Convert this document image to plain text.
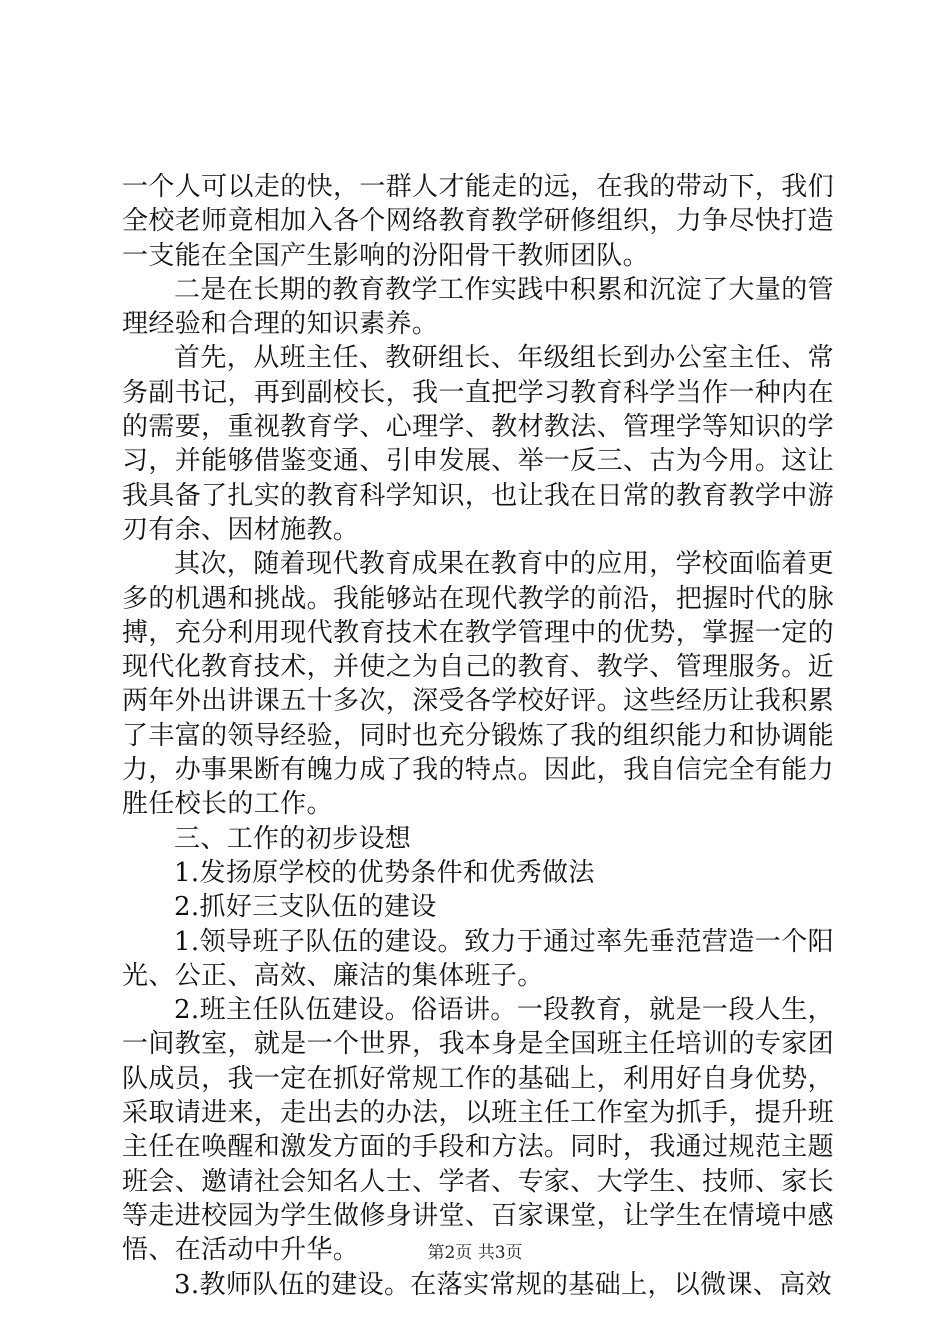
一个人可以走的快，一群人才能走的远，在我的带动下，我们全校老师竟相加入各个网络教育教学研修组织，力争尽快打造一支能在全国产生影响的汾阳骨干教师团队。

二是在长期的教育教学工作实践中积累和沉淀了大量的管理经验和合理的知识素养。

首先，从班主任、教研组长、年级组长到办公室主任、常务副书记，再到副校长，我一直把学习教育科学当作一种内在的需要，重视教育学、心理学、教材教法、管理学等知识的学习，并能够借鉴变通、引申发展、举一反三、古为今用。这让我具备了扎实的教育科学知识，也让我在日常的教育教学中游刃有余、因材施教。

其次，随着现代教育成果在教育中的应用，学校面临着更多的机遇和挑战。我能够站在现代教学的前沿，把握时代的脉搏，充分利用现代教育技术在教学管理中的优势，掌握一定的现代化教育技术，并使之为自己的教育、教学、管理服务。近两年外出讲课五十多次，深受各学校好评。这些经历让我积累了丰富的领导经验，同时也充分锻炼了我的组织能力和协调能力，办事果断有魄力成了我的特点。因此，我自信完全有能力胜任校长的工作。

三、工作的初步设想

1.发扬原学校的优势条件和优秀做法

2.抓好三支队伍的建设

1.领导班子队伍的建设。致力于通过率先垂范营造一个阳光、公正、高效、廉洁的集体班子。

2.班主任队伍建设。俗语讲。一段教育，就是一段人生，一间教室，就是一个世界，我本身是全国班主任培训的专家团队成员，我一定在抓好常规工作的基础上，利用好自身优势，采取请进来，走出去的办法，以班主任工作室为抓手，提升班主任在唤醒和激发方面的手段和方法。同时，我通过规范主题班会、邀请社会知名人士、学者、专家、大学生、技师、家长等走进校园为学生做修身讲堂、百家课堂，让学生在情境中感悟、在活动中升华。

3.教师队伍的建设。在落实常规的基础上，以微课、高效

第2页 共3页
